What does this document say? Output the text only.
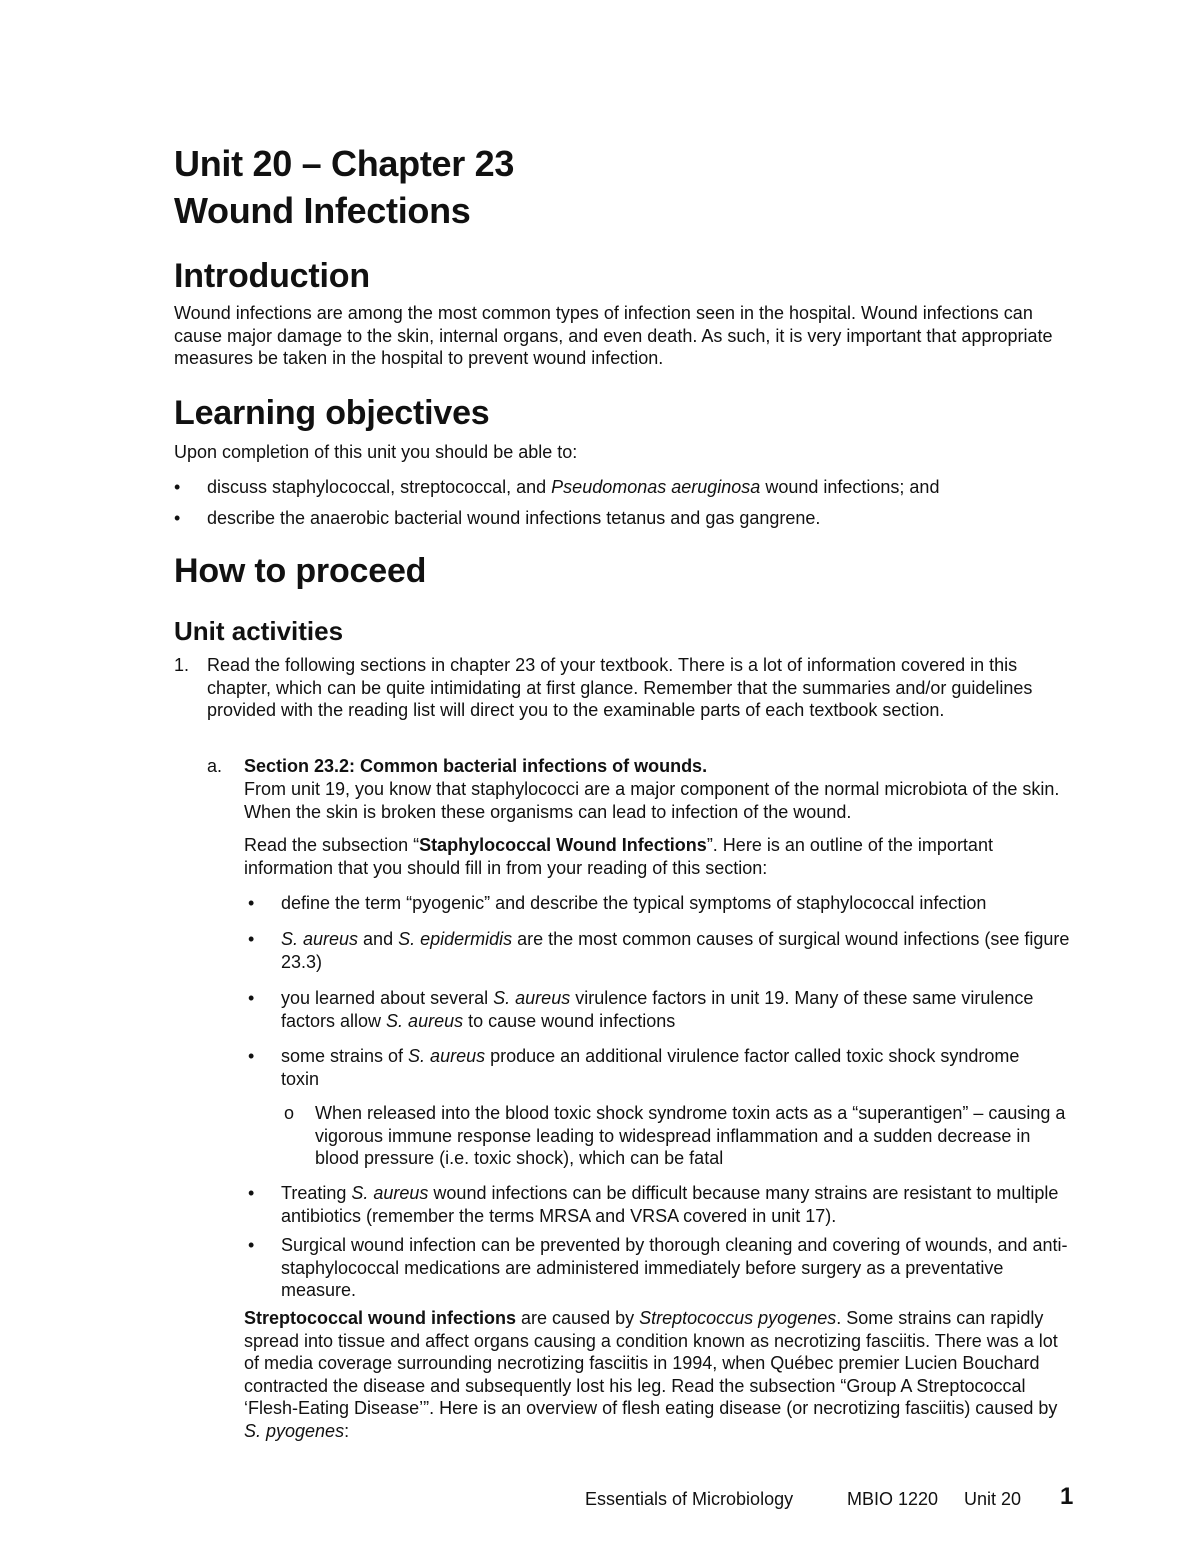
Unit 20 – Chapter 23
Wound Infections
Introduction
Wound infections are among the most common types of infection seen in the hospital. Wound infections can cause major damage to the skin, internal organs, and even death. As such, it is very important that appropriate measures be taken in the hospital to prevent wound infection.
Learning objectives
Upon completion of this unit you should be able to:
• discuss staphylococcal, streptococcal, and Pseudomonas aeruginosa wound infections; and
• describe the anaerobic bacterial wound infections tetanus and gas gangrene.
How to proceed
Unit activities
1. Read the following sections in chapter 23 of your textbook. There is a lot of information covered in this chapter, which can be quite intimidating at first glance. Remember that the summaries and/or guidelines provided with the reading list will direct you to the examinable parts of each textbook section.
a. Section 23.2: Common bacterial infections of wounds.
From unit 19, you know that staphylococci are a major component of the normal microbiota of the skin. When the skin is broken these organisms can lead to infection of the wound.
Read the subsection “Staphylococcal Wound Infections”. Here is an outline of the important information that you should fill in from your reading of this section:
• define the term “pyogenic” and describe the typical symptoms of staphylococcal infection
• S. aureus and S. epidermidis are the most common causes of surgical wound infections (see figure 23.3)
• you learned about several S. aureus virulence factors in unit 19. Many of these same virulence factors allow S. aureus to cause wound infections
• some strains of S. aureus produce an additional virulence factor called toxic shock syndrome toxin
o When released into the blood toxic shock syndrome toxin acts as a “superantigen” – causing a vigorous immune response leading to widespread inflammation and a sudden decrease in blood pressure (i.e. toxic shock), which can be fatal
• Treating S. aureus wound infections can be difficult because many strains are resistant to multiple antibiotics (remember the terms MRSA and VRSA covered in unit 17).
• Surgical wound infection can be prevented by thorough cleaning and covering of wounds, and anti-staphylococcal medications are administered immediately before surgery as a preventative measure.
Streptococcal wound infections are caused by Streptococcus pyogenes. Some strains can rapidly spread into tissue and affect organs causing a condition known as necrotizing fasciitis. There was a lot of media coverage surrounding necrotizing fasciitis in 1994, when Québec premier Lucien Bouchard contracted the disease and subsequently lost his leg. Read the subsection “Group A Streptococcal ‘Flesh-Eating Disease’”. Here is an overview of flesh eating disease (or necrotizing fasciitis) caused by S. pyogenes:
Essentials of Microbiology	MBIO 1220 Unit 20 1
